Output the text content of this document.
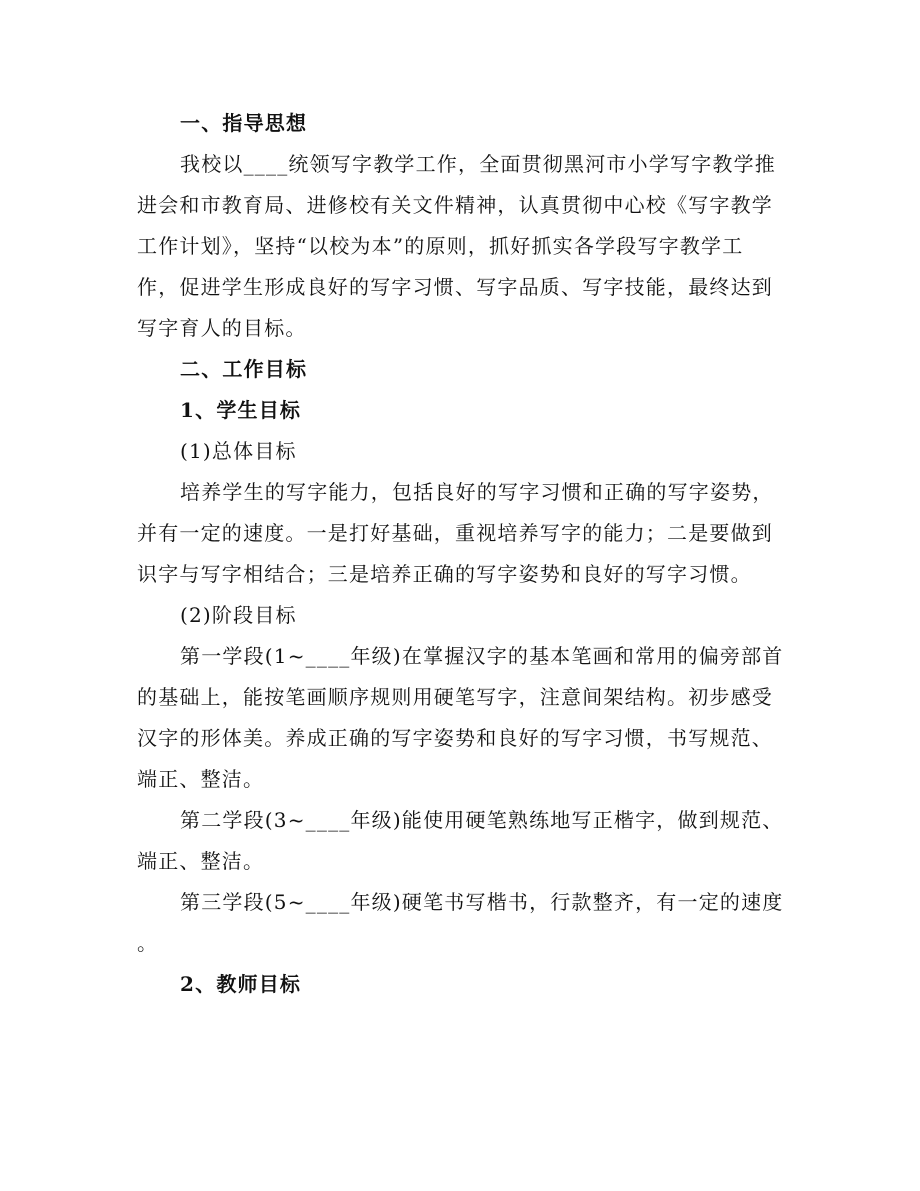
一、指导思想

我校以____统领写字教学工作，全面贯彻黑河市小学写字教学推

进会和市教育局、进修校有关文件精神，认真贯彻中心校《写字教学

工作计划》，坚持“以校为本”的原则，抓好抓实各学段写字教学工

作，促进学生形成良好的写字习惯、写字品质、写字技能，最终达到

写字育人的目标。

二、工作目标

1、学生目标

(1)总体目标

培养学生的写字能力，包括良好的写字习惯和正确的写字姿势，

并有一定的速度。一是打好基础，重视培养写字的能力；二是要做到

识字与写字相结合；三是培养正确的写字姿势和良好的写字习惯。

(2)阶段目标

第一学段(1~____年级)在掌握汉字的基本笔画和常用的偏旁部首

的基础上，能按笔画顺序规则用硬笔写字，注意间架结构。初步感受

汉字的形体美。养成正确的写字姿势和良好的写字习惯，书写规范、

端正、整洁。

第二学段(3~____年级)能使用硬笔熟练地写正楷字，做到规范、

端正、整洁。

第三学段(5~____年级)硬笔书写楷书，行款整齐，有一定的速度

。

2、教师目标
